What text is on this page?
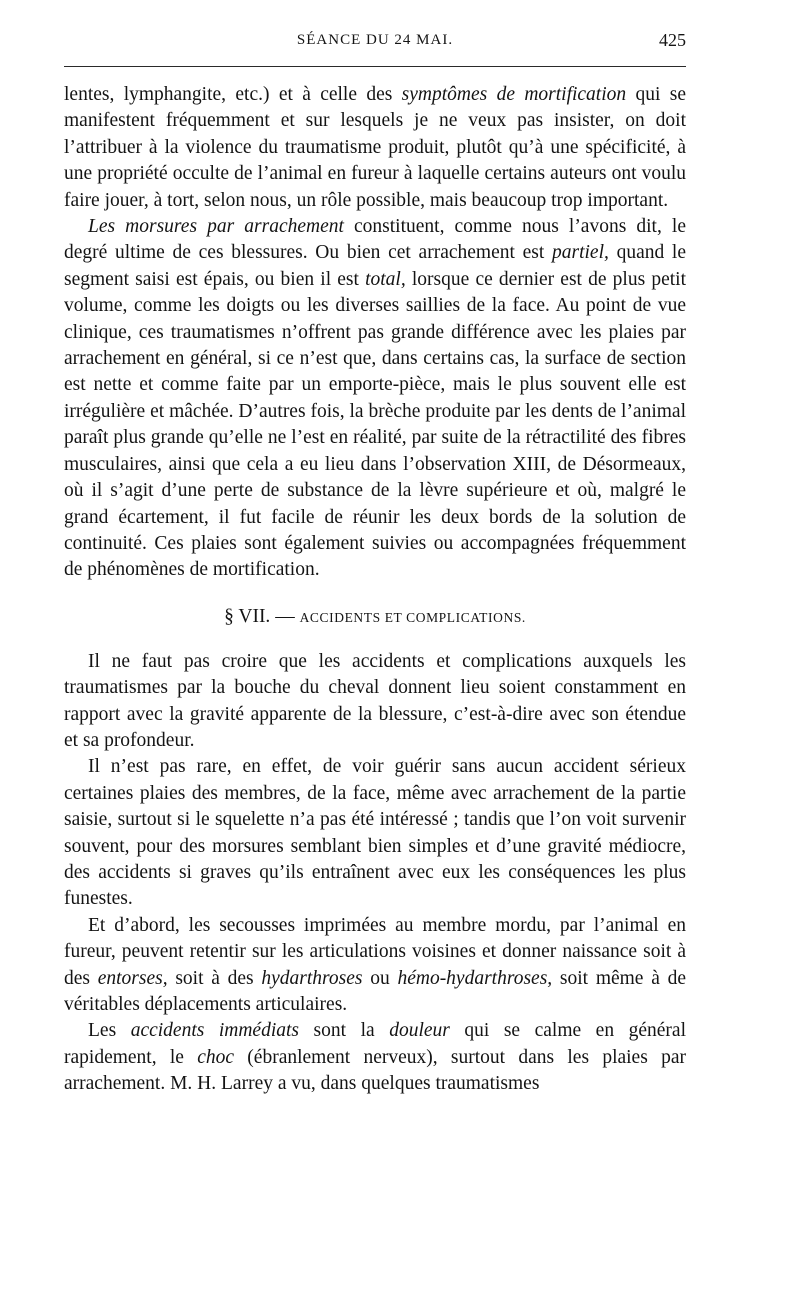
SÉANCE DU 24 MAI.	425

lentes, lymphangite, etc.) et à celle des symptômes de mortification qui se manifestent fréquemment et sur lesquels je ne veux pas insister, on doit l’attribuer à la violence du traumatisme produit, plutôt qu’à une spécificité, à une propriété occulte de l’animal en fureur à laquelle certains auteurs ont voulu faire jouer, à tort, selon nous, un rôle possible, mais beaucoup trop important.

Les morsures par arrachement constituent, comme nous l’avons dit, le degré ultime de ces blessures. Ou bien cet arrachement est partiel, quand le segment saisi est épais, ou bien il est total, lorsque ce dernier est de plus petit volume, comme les doigts ou les diverses saillies de la face. Au point de vue clinique, ces traumatismes n’offrent pas grande différence avec les plaies par arrachement en général, si ce n’est que, dans certains cas, la surface de section est nette et comme faite par un emporte-pièce, mais le plus souvent elle est irrégulière et mâchée. D’autres fois, la brèche produite par les dents de l’animal paraît plus grande qu’elle ne l’est en réalité, par suite de la rétractilité des fibres musculaires, ainsi que cela a eu lieu dans l’observation XIII, de Désormeaux, où il s’agit d’une perte de substance de la lèvre supérieure et où, malgré le grand écartement, il fut facile de réunir les deux bords de la solution de continuité. Ces plaies sont également suivies ou accompagnées fréquemment de phénomènes de mortification.

§ VII. — ACCIDENTS ET COMPLICATIONS.

Il ne faut pas croire que les accidents et complications auxquels les traumatismes par la bouche du cheval donnent lieu soient constamment en rapport avec la gravité apparente de la blessure, c’est-à-dire avec son étendue et sa profondeur.

Il n’est pas rare, en effet, de voir guérir sans aucun accident sérieux certaines plaies des membres, de la face, même avec arrachement de la partie saisie, surtout si le squelette n’a pas été intéressé ; tandis que l’on voit survenir souvent, pour des morsures semblant bien simples et d’une gravité médiocre, des accidents si graves qu’ils entraînent avec eux les conséquences les plus funestes.

Et d’abord, les secousses imprimées au membre mordu, par l’animal en fureur, peuvent retentir sur les articulations voisines et donner naissance soit à des entorses, soit à des hydarthroses ou hémo-hydarthroses, soit même à de véritables déplacements articulaires.

Les accidents immédiats sont la douleur qui se calme en général rapidement, le choc (ébranlement nerveux), surtout dans les plaies par arrachement. M. H. Larrey a vu, dans quelques traumatismes
